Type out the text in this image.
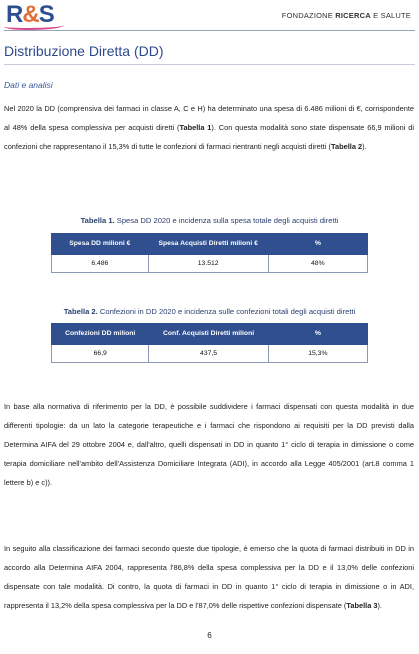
R&S	FONDAZIONE RICERCA E SALUTE
Distribuzione Diretta (DD)
Dati e analisi
Nel 2020 la DD (comprensiva dei farmaci in classe A, C e H) ha determinato una spesa di 6.486 milioni di €, corrispondente al 48% della spesa complessiva per acquisti diretti (Tabella 1). Con questa modalità sono state dispensate 66,9 milioni di confezioni che rappresentano il 15,3% di tutte le confezioni di farmaci rientranti negli acquisti diretti (Tabella 2).
Tabella 1. Spesa DD 2020 e incidenza sulla spesa totale degli acquisti diretti
Spesa DD milioni €	Spesa Acquisti Diretti milioni €	%
6.486	13.512	48%
Tabella 2. Confezioni in DD 2020 e incidenza sulle confezioni totali degli acquisti diretti
Confezioni DD milioni	Conf. Acquisti Diretti milioni	%
66,9	437,5	15,3%
In base alla normativa di riferimento per la DD, è possibile suddividere i farmaci dispensati con questa modalità in due differenti tipologie: da un lato la categorie terapeutiche e i farmaci che rispondono ai requisiti per la DD previsti dalla Determina AIFA del 29 ottobre 2004 e, dall'altro, quelli dispensati in DD in quanto 1° ciclo di terapia in dimissione o come terapia domiciliare nell'ambito dell'Assistenza Domiciliare Integrata (ADI), in accordo alla Legge 405/2001 (art.8 comma 1 lettere b) e c)).
In seguito alla classificazione dei farmaci secondo queste due tipologie, è emerso che la quota di farmaci distribuiti in DD in accordo alla Determina AIFA 2004, rappresenta l'86,8% della spesa complessiva per la DD e il 13,0% delle confezioni dispensate con tale modalità. Di contro, la quota di farmaci in DD in quanto 1° ciclo di terapia in dimissione o in ADI, rappresenta il 13,2% della spesa complessiva per la DD e l'87,0% delle rispettive confezioni dispensate (Tabella 3).
6
